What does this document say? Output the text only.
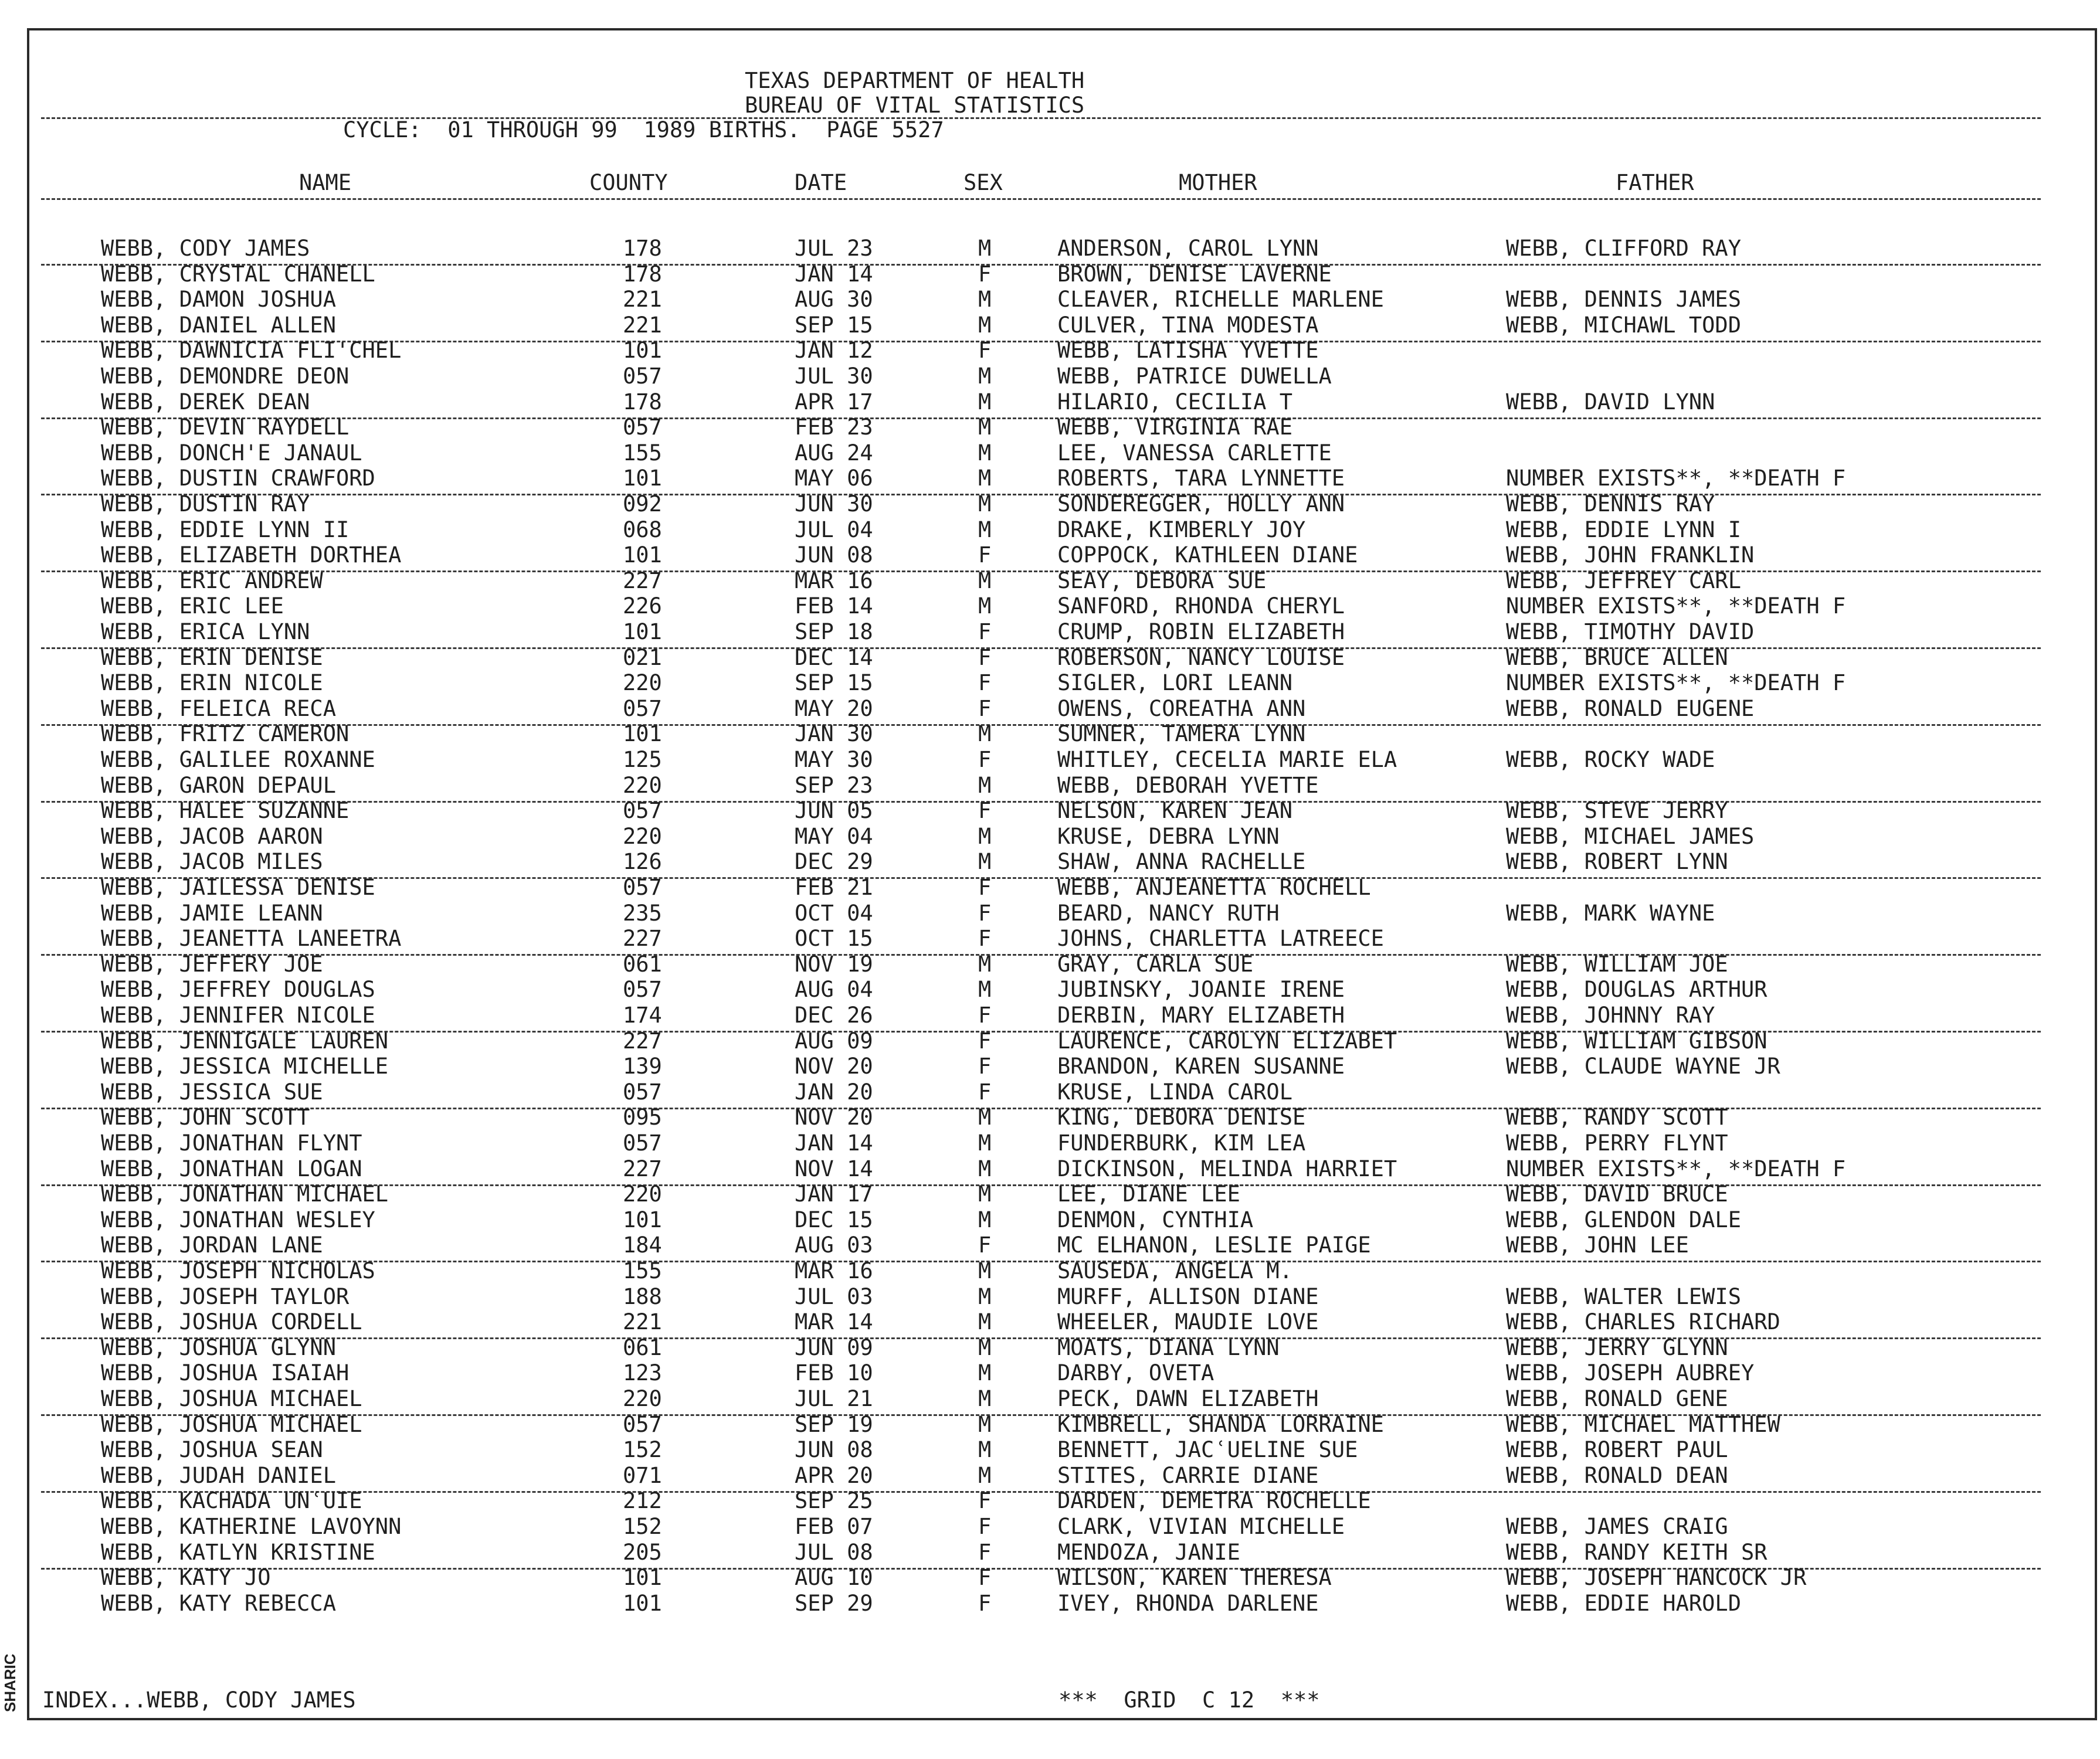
SHARIC
TEXAS DEPARTMENT OF HEALTH
BUREAU OF VITAL STATISTICS
CYCLE:  01 THROUGH 99  1989 BIRTHS.  PAGE 5527
NAME	COUNTY	DATE	SEX	MOTHER	FATHER
WEBB, CODY JAMES	178	JUL 23	M	ANDERSON, CAROL LYNN	WEBB, CLIFFORD RAY
WEBB, CRYSTAL CHANELL	178	JAN 14	F	BROWN, DENISE LAVERNE
WEBB, DAMON JOSHUA	221	AUG 30	M	CLEAVER, RICHELLE MARLENE	WEBB, DENNIS JAMES
WEBB, DANIEL ALLEN	221	SEP 15	M	CULVER, TINA MODESTA	WEBB, MICHAWL TODD
WEBB, DAWNICIA FLI'CHEL	101	JAN 12	F	WEBB, LATISHA YVETTE
WEBB, DEMONDRE DEON	057	JUL 30	M	WEBB, PATRICE DUWELLA
WEBB, DEREK DEAN	178	APR 17	M	HILARIO, CECILIA T	WEBB, DAVID LYNN
WEBB, DEVIN RAYDELL	057	FEB 23	M	WEBB, VIRGINIA RAE
WEBB, DONCH'E JANAUL	155	AUG 24	M	LEE, VANESSA CARLETTE
WEBB, DUSTIN CRAWFORD	101	MAY 06	M	ROBERTS, TARA LYNNETTE	NUMBER EXISTS**, **DEATH F
WEBB, DUSTIN RAY	092	JUN 30	M	SONDEREGGER, HOLLY ANN	WEBB, DENNIS RAY
WEBB, EDDIE LYNN II	068	JUL 04	M	DRAKE, KIMBERLY JOY	WEBB, EDDIE LYNN I
WEBB, ELIZABETH DORTHEA	101	JUN 08	F	COPPOCK, KATHLEEN DIANE	WEBB, JOHN FRANKLIN
WEBB, ERIC ANDREW	227	MAR 16	M	SEAY, DEBORA SUE	WEBB, JEFFREY CARL
WEBB, ERIC LEE	226	FEB 14	M	SANFORD, RHONDA CHERYL	NUMBER EXISTS**, **DEATH F
WEBB, ERICA LYNN	101	SEP 18	F	CRUMP, ROBIN ELIZABETH	WEBB, TIMOTHY DAVID
WEBB, ERIN DENISE	021	DEC 14	F	ROBERSON, NANCY LOUISE	WEBB, BRUCE ALLEN
WEBB, ERIN NICOLE	220	SEP 15	F	SIGLER, LORI LEANN	NUMBER EXISTS**, **DEATH F
WEBB, FELEICA RECA	057	MAY 20	F	OWENS, COREATHA ANN	WEBB, RONALD EUGENE
WEBB, FRITZ CAMERON	101	JAN 30	M	SUMNER, TAMERA LYNN
WEBB, GALILEE ROXANNE	125	MAY 30	F	WHITLEY, CECELIA MARIE ELA	WEBB, ROCKY WADE
WEBB, GARON DEPAUL	220	SEP 23	M	WEBB, DEBORAH YVETTE
WEBB, HALEE SUZANNE	057	JUN 05	F	NELSON, KAREN JEAN	WEBB, STEVE JERRY
WEBB, JACOB AARON	220	MAY 04	M	KRUSE, DEBRA LYNN	WEBB, MICHAEL JAMES
WEBB, JACOB MILES	126	DEC 29	M	SHAW, ANNA RACHELLE	WEBB, ROBERT LYNN
WEBB, JAILESSA DENISE	057	FEB 21	F	WEBB, ANJEANETTA ROCHELL
WEBB, JAMIE LEANN	235	OCT 04	F	BEARD, NANCY RUTH	WEBB, MARK WAYNE
WEBB, JEANETTA LANEETRA	227	OCT 15	F	JOHNS, CHARLETTA LATREECE
WEBB, JEFFERY JOE	061	NOV 19	M	GRAY, CARLA SUE	WEBB, WILLIAM JOE
WEBB, JEFFREY DOUGLAS	057	AUG 04	M	JUBINSKY, JOANIE IRENE	WEBB, DOUGLAS ARTHUR
WEBB, JENNIFER NICOLE	174	DEC 26	F	DERBIN, MARY ELIZABETH	WEBB, JOHNNY RAY
WEBB, JENNIGALE LAUREN	227	AUG 09	F	LAURENCE, CAROLYN ELIZABET	WEBB, WILLIAM GIBSON
WEBB, JESSICA MICHELLE	139	NOV 20	F	BRANDON, KAREN SUSANNE	WEBB, CLAUDE WAYNE JR
WEBB, JESSICA SUE	057	JAN 20	F	KRUSE, LINDA CAROL
WEBB, JOHN SCOTT	095	NOV 20	M	KING, DEBORA DENISE	WEBB, RANDY SCOTT
WEBB, JONATHAN FLYNT	057	JAN 14	M	FUNDERBURK, KIM LEA	WEBB, PERRY FLYNT
WEBB, JONATHAN LOGAN	227	NOV 14	M	DICKINSON, MELINDA HARRIET	NUMBER EXISTS**, **DEATH F
WEBB, JONATHAN MICHAEL	220	JAN 17	M	LEE, DIANE LEE	WEBB, DAVID BRUCE
WEBB, JONATHAN WESLEY	101	DEC 15	M	DENMON, CYNTHIA	WEBB, GLENDON DALE
WEBB, JORDAN LANE	184	AUG 03	F	MC ELHANON, LESLIE PAIGE	WEBB, JOHN LEE
WEBB, JOSEPH NICHOLAS	155	MAR 16	M	SAUSEDA, ANGELA M.
WEBB, JOSEPH TAYLOR	188	JUL 03	M	MURFF, ALLISON DIANE	WEBB, WALTER LEWIS
WEBB, JOSHUA CORDELL	221	MAR 14	M	WHEELER, MAUDIE LOVE	WEBB, CHARLES RICHARD
WEBB, JOSHUA GLYNN	061	JUN 09	M	MOATS, DIANA LYNN	WEBB, JERRY GLYNN
WEBB, JOSHUA ISAIAH	123	FEB 10	M	DARBY, OVETA	WEBB, JOSEPH AUBREY
WEBB, JOSHUA MICHAEL	220	JUL 21	M	PECK, DAWN ELIZABETH	WEBB, RONALD GENE
WEBB, JOSHUA MICHAEL	057	SEP 19	M	KIMBRELL, SHANDA LORRAINE	WEBB, MICHAEL MATTHEW
WEBB, JOSHUA SEAN	152	JUN 08	M	BENNETT, JACʿUELINE SUE	WEBB, ROBERT PAUL
WEBB, JUDAH DANIEL	071	APR 20	M	STITES, CARRIE DIANE	WEBB, RONALD DEAN
WEBB, KACHADA UNʿUIE	212	SEP 25	F	DARDEN, DEMETRA ROCHELLE
WEBB, KATHERINE LAVOYNN	152	FEB 07	F	CLARK, VIVIAN MICHELLE	WEBB, JAMES CRAIG
WEBB, KATLYN KRISTINE	205	JUL 08	F	MENDOZA, JANIE	WEBB, RANDY KEITH SR
WEBB, KATY JO	101	AUG 10	F	WILSON, KAREN THERESA	WEBB, JOSEPH HANCOCK JR
WEBB, KATY REBECCA	101	SEP 29	F	IVEY, RHONDA DARLENE	WEBB, EDDIE HAROLD
INDEX...WEBB, CODY JAMES	***  GRID  C 12  ***
